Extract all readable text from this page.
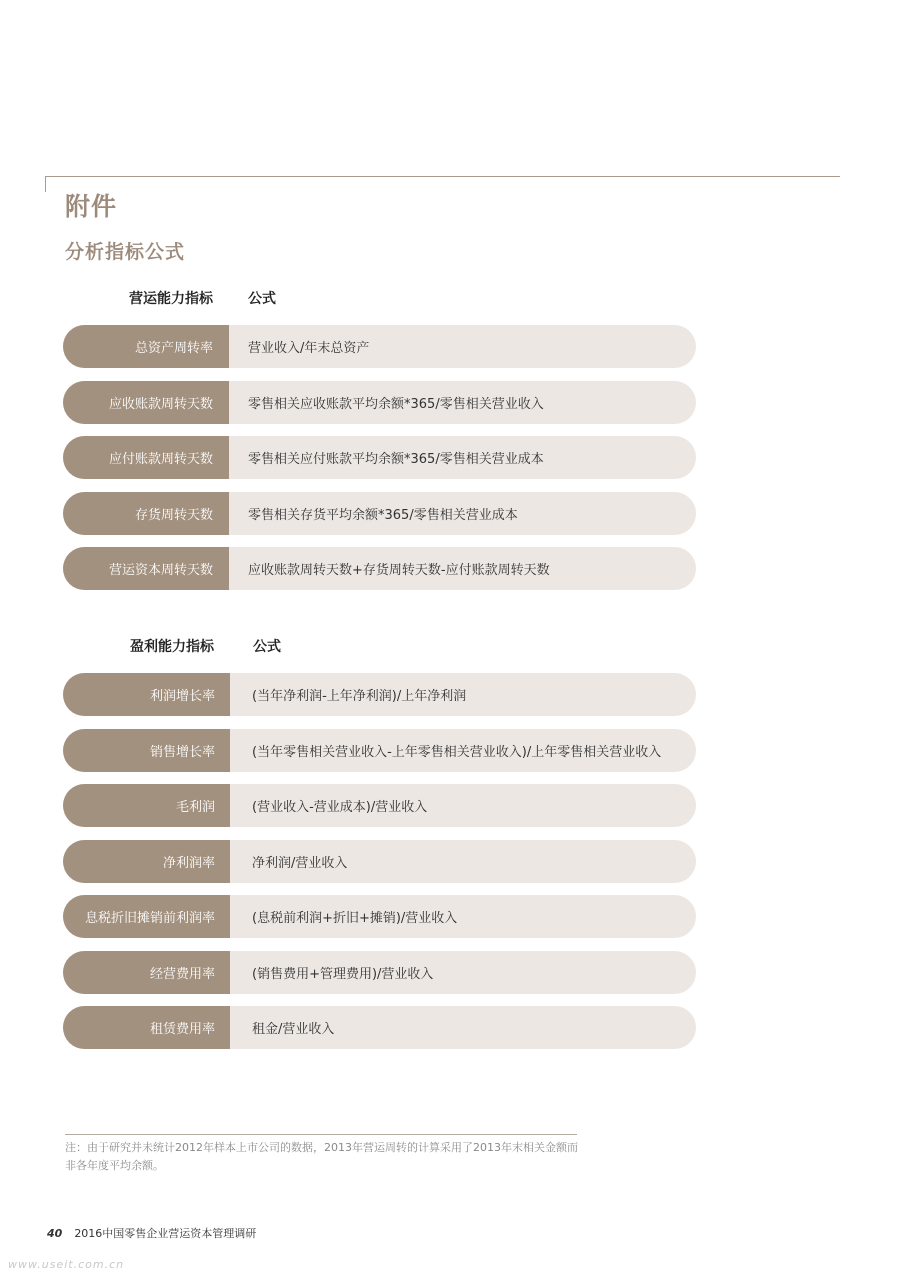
附件
分析指标公式
营运能力指标	公式
总资产周转率	营业收入/年末总资产
应收账款周转天数	零售相关应收账款平均余额*365/零售相关营业收入
应付账款周转天数	零售相关应付账款平均余额*365/零售相关营业成本
存货周转天数	零售相关存货平均余额*365/零售相关营业成本
营运资本周转天数	应收账款周转天数+存货周转天数-应付账款周转天数
盈利能力指标	公式
利润增长率	(当年净利润-上年净利润)/上年净利润
销售增长率	(当年零售相关营业收入-上年零售相关营业收入)/上年零售相关营业收入
毛利润	(营业收入-营业成本)/营业收入
净利润率	净利润/营业收入
息税折旧摊销前利润率	(息税前利润+折旧+摊销)/营业收入
经营费用率	(销售费用+管理费用)/营业收入
租赁费用率	租金/营业收入
注：由于研究并未统计2012年样本上市公司的数据，2013年营运周转的计算采用了2013年末相关金额而非各年度平均余额。
40 2016中国零售企业营运资本管理调研
www.useit.com.cn
